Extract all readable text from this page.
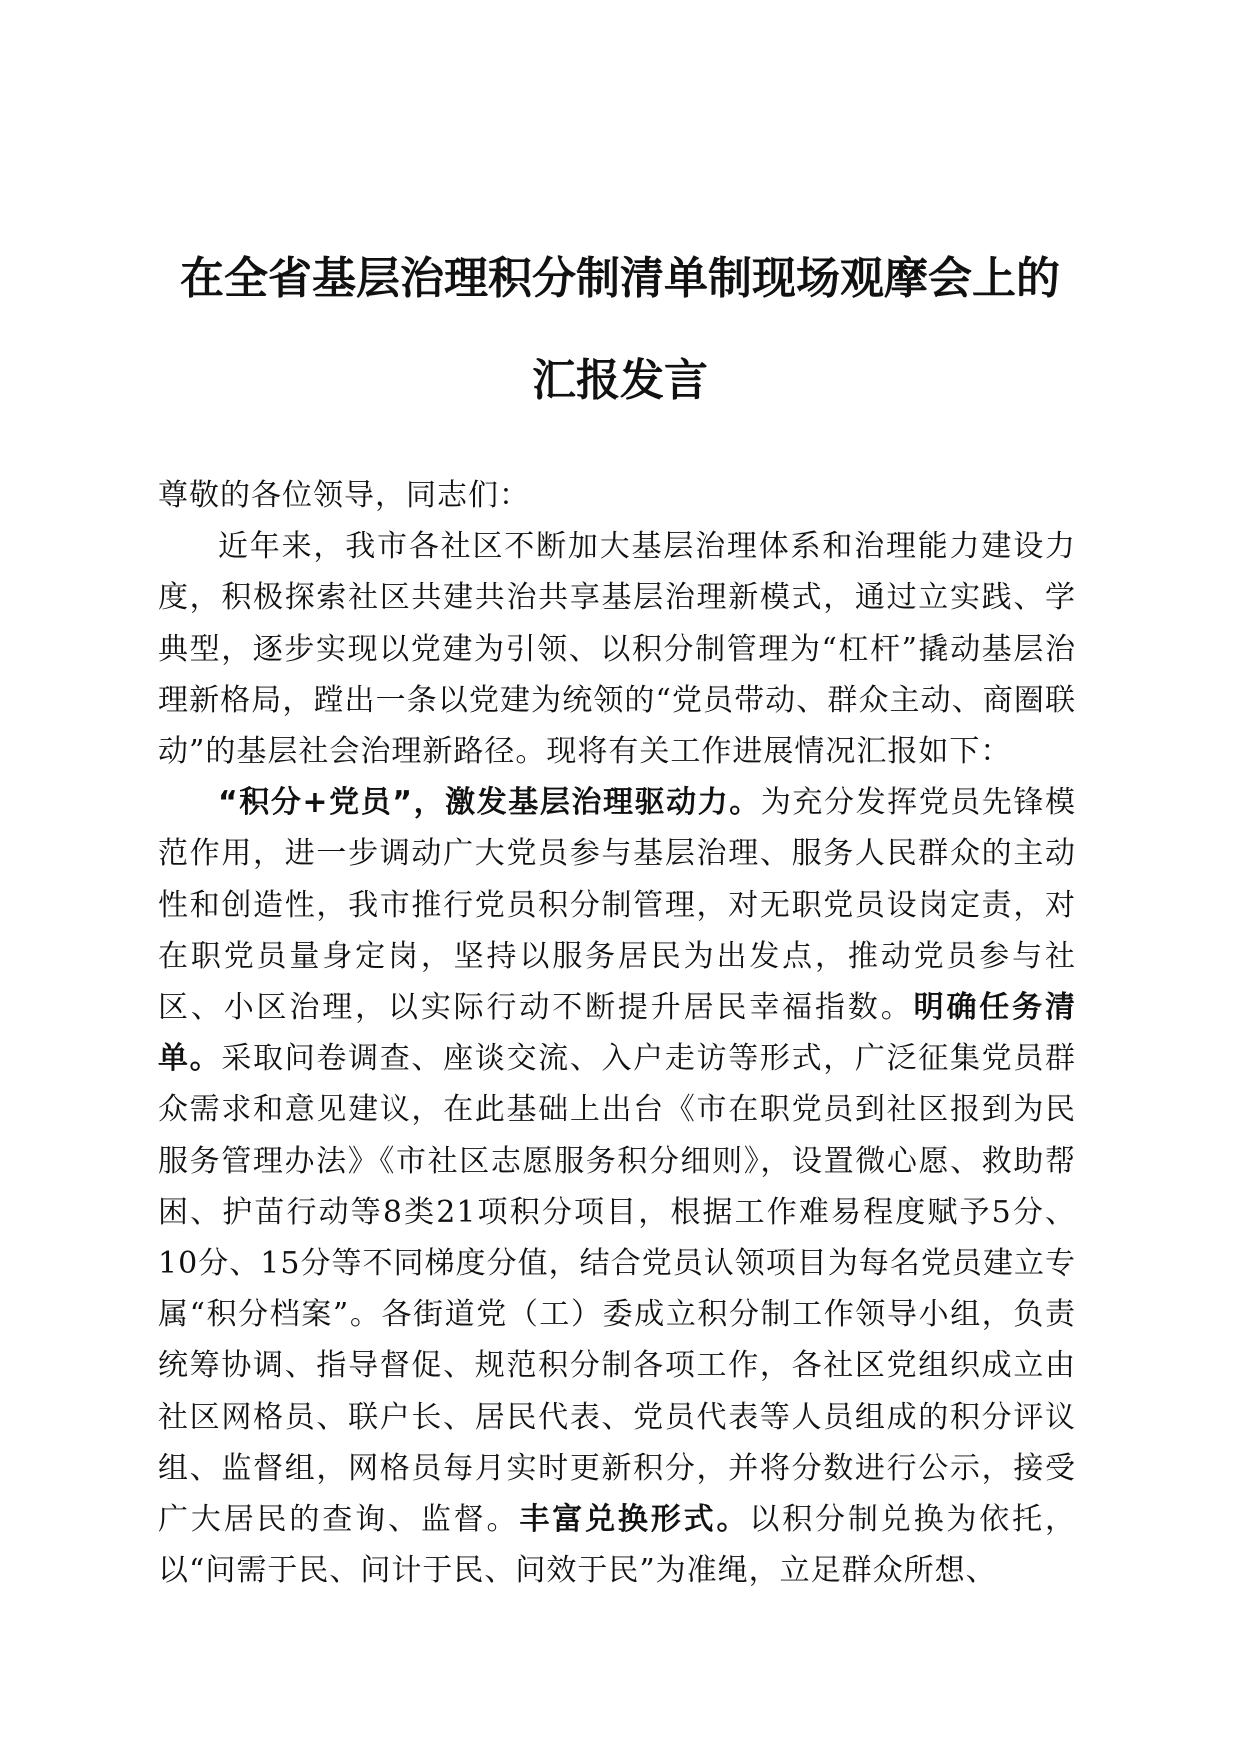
在全省基层治理积分制清单制现场观摩会上的
汇报发言

尊敬的各位领导，同志们：

近年来，我市各社区不断加大基层治理体系和治理能力建设力度，积极探索社区共建共治共享基层治理新模式，通过立实践、学典型，逐步实现以党建为引领、以积分制管理为“杠杆”撬动基层治理新格局，蹚出一条以党建为统领的“党员带动、群众主动、商圈联动”的基层社会治理新路径。现将有关工作进展情况汇报如下：

“积分+党员”，激发基层治理驱动力。为充分发挥党员先锋模范作用，进一步调动广大党员参与基层治理、服务人民群众的主动性和创造性，我市推行党员积分制管理，对无职党员设岗定责，对在职党员量身定岗，坚持以服务居民为出发点，推动党员参与社区、小区治理，以实际行动不断提升居民幸福指数。明确任务清单。采取问卷调查、座谈交流、入户走访等形式，广泛征集党员群众需求和意见建议，在此基础上出台《市在职党员到社区报到为民服务管理办法》《市社区志愿服务积分细则》，设置微心愿、救助帮困、护苗行动等8类21项积分项目，根据工作难易程度赋予5分、10分、15分等不同梯度分值，结合党员认领项目为每名党员建立专属“积分档案”。各街道党（工）委成立积分制工作领导小组，负责统筹协调、指导督促、规范积分制各项工作，各社区党组织成立由社区网格员、联户长、居民代表、党员代表等人员组成的积分评议组、监督组，网格员每月实时更新积分，并将分数进行公示，接受广大居民的查询、监督。丰富兑换形式。以积分制兑换为依托，以“问需于民、问计于民、问效于民”为准绳，立足群众所想、
